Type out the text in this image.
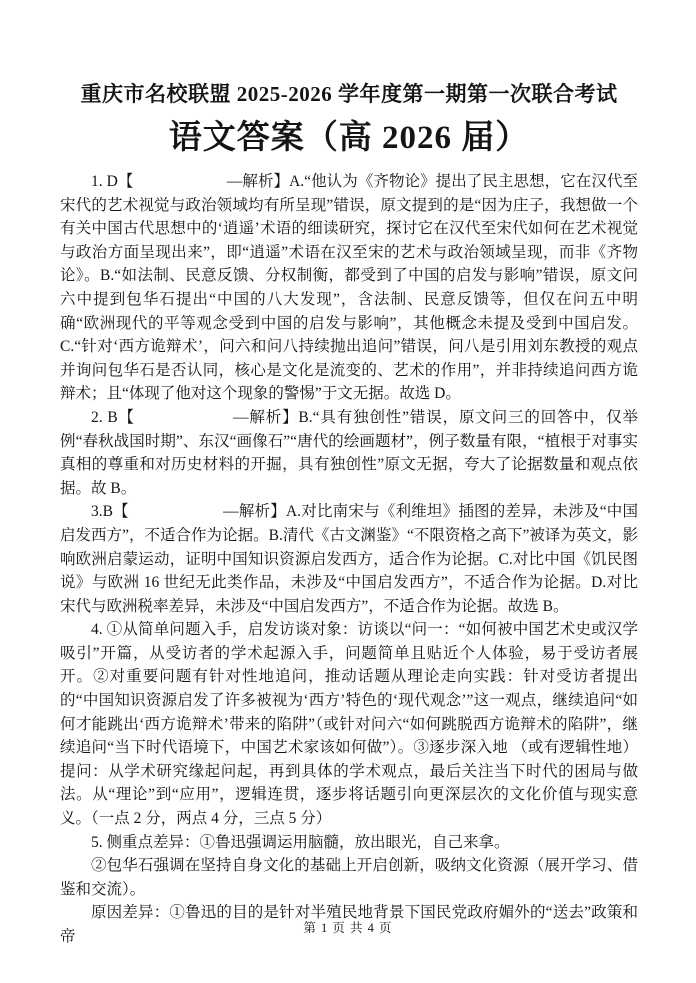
重庆市名校联盟 2025-2026 学年度第一期第一次联合考试
语文答案（高 2026 届）

1. D【　　　　　　—解析】A.“他认为《齐物论》提出了民主思想，它在汉代至宋代的艺术视觉与政治领域均有所呈现”错误，原文提到的是“因为庄子，我想做一个有关中国古代思想中的‘逍遥’术语的细读研究，探讨它在汉代至宋代如何在艺术视觉与政治方面呈现出来”，即“逍遥”术语在汉至宋的艺术与政治领域呈现，而非《齐物论》。B.“如法制、民意反馈、分权制衡，都受到了中国的启发与影响”错误，原文问六中提到包华石提出“中国的八大发现”，含法制、民意反馈等，但仅在问五中明确“欧洲现代的平等观念受到中国的启发与影响”，其他概念未提及受到中国启发。C.“针对‘西方诡辩术’，问六和问八持续抛出追问”错误，问八是引用刘东教授的观点并询问包华石是否认同，核心是文化是流变的、艺术的作用”，并非持续追问西方诡辩术；且“体现了他对这个现象的警惕”于文无据。故选 D。

2. B【　　　　　　—解析】B.“具有独创性”错误，原文问三的回答中，仅举例“春秋战国时期”、东汉“画像石”“唐代的绘画题材”，例子数量有限，“植根于对事实真相的尊重和对历史材料的开掘，具有独创性”原文无据，夸大了论据数量和观点依据。故 B。

3.B【　　　　　　—解析】A.对比南宋与《利维坦》插图的差异，未涉及“中国启发西方”，不适合作为论据。B.清代《古文渊鉴》“不限资格之高下”被译为英文，影响欧洲启蒙运动，证明中国知识资源启发西方，适合作为论据。C.对比中国《饥民图说》与欧洲 16 世纪无此类作品，未涉及“中国启发西方”，不适合作为论据。D.对比宋代与欧洲税率差异，未涉及“中国启发西方”，不适合作为论据。故选 B。

4. ①从简单问题入手，启发访谈对象：访谈以“问一：“如何被中国艺术史或汉学吸引”开篇，从受访者的学术起源入手，问题简单且贴近个人体验，易于受访者展开。②对重要问题有针对性地追问，推动话题从理论走向实践：针对受访者提出的“中国知识资源启发了许多被视为‘西方’特色的‘现代观念’”这一观点，继续追问“如何才能跳出‘西方诡辩术’带来的陷阱”（或针对问六“如何跳脱西方诡辩术的陷阱”，继续追问“当下时代语境下，中国艺术家该如何做”）。③逐步深入地 （或有逻辑性地）提问：从学术研究缘起问起，再到具体的学术观点，最后关注当下时代的困局与做法。从“理论”到“应用”，逻辑连贯，逐步将话题引向更深层次的文化价值与现实意义。（一点 2 分，两点 4 分，三点 5 分）

5. 侧重点差异：①鲁迅强调运用脑髓，放出眼光，自己来拿。

②包华石强调在坚持自身文化的基础上开启创新，吸纳文化资源（展开学习、借鉴和交流）。

原因差异：①鲁迅的目的是针对半殖民地背景下国民党政府媚外的“送去”政策和帝	第 1 页 共 4 页
